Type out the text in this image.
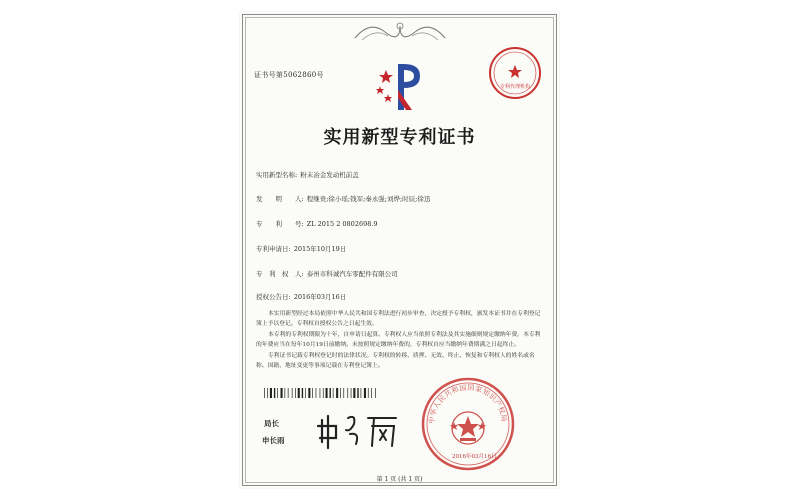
证书号第5062860号
专利代理机构
实用新型专利证书
实用新型名称: 粉末冶金发动机前盖
发　　明　　人: 程继贵;徐小瑶;钱军;秦永强;刘烨;时辰;徐迅
专　　利　　号: ZL 2015 2 0802698.9
专利申请日: 2015年10月19日
专　利　权　人: 泰州市科诚汽车零配件有限公司
授权公告日: 2016年03月16日

本实用新型经过本局依照中华人民共和国专利法进行初步审查，决定授予专利权，颁发本证书并在专利登记簿上予以登记。专利权自授权公告之日起生效。

本专利的专利权期限为十年，自申请日起算。专利权人应当依照专利法及其实施细则规定缴纳年费。本专利的年费应当在每年10月19日前缴纳。未按照规定缴纳年费的，专利权自应当缴纳年费期满之日起终止。

专利证书记载专利权登记时的法律状况。专利权的转移、质押、无效、终止、恢复和专利权人的姓名或名称、国籍、地址变更等事项记载在专利登记簿上。

局长
申长雨
中华人民共和国国家知识产权局
2016年03月16日
第 1 页 (共 1 页)
